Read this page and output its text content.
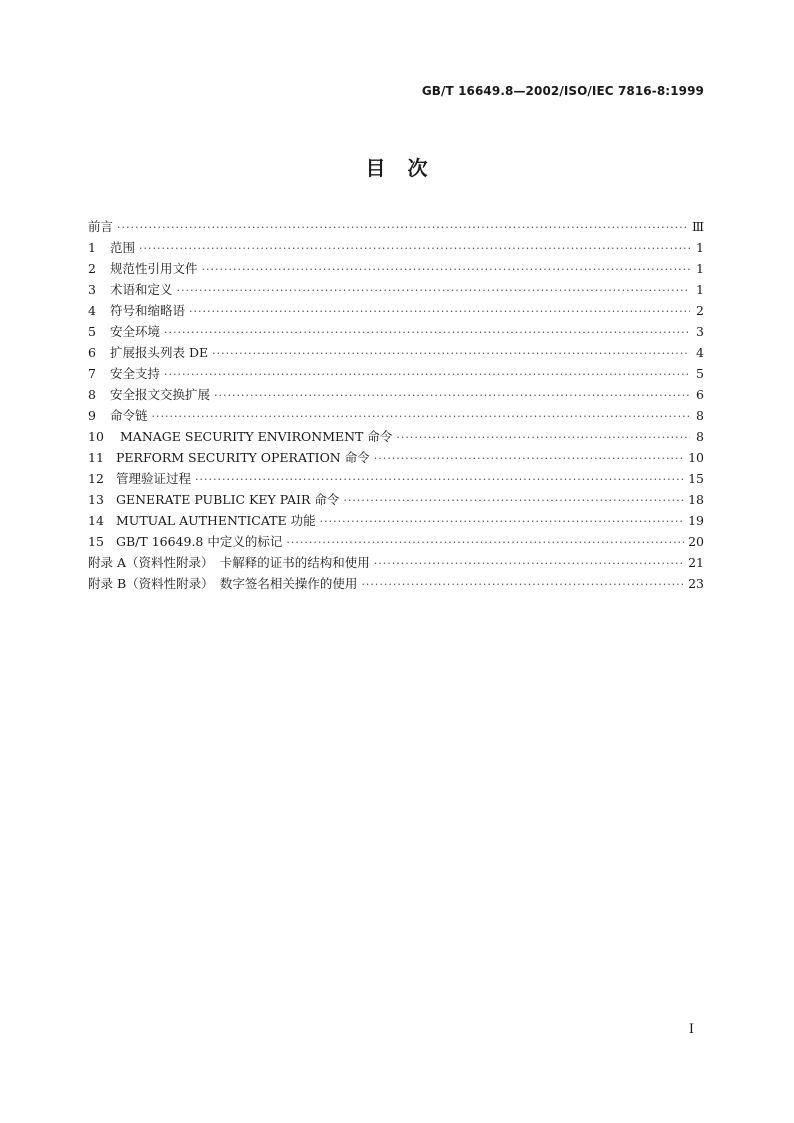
GB/T 16649.8—2002/ISO/IEC 7816-8:1999
目　次
前言 ·····	Ⅲ
1	范围 ·····	1
2	规范性引用文件 ·····	1
3	术语和定义 ·····	1
4	符号和缩略语 ·····	2
5	安全环境 ·····	3
6	扩展报头列表 DE ·····	4
7	安全支持 ·····	5
8	安全报文交换扩展 ·····	6
9	命令链 ·····	8
10	MANAGE SECURITY ENVIRONMENT 命令 ·····	8
11 PERFORM SECURITY OPERATION 命令 ·····	10
12 管理验证过程 ·····	15
13 GENERATE PUBLIC KEY PAIR 命令 ·····	18
14 MUTUAL AUTHENTICATE 功能 ·····	19
15 GB/T 16649.8 中定义的标记 ·····	20
附录 A（资料性附录）　卡解释的证书的结构和使用 ·····	21
附录 B（资料性附录）　数字签名相关操作的使用 ·····	23
I
